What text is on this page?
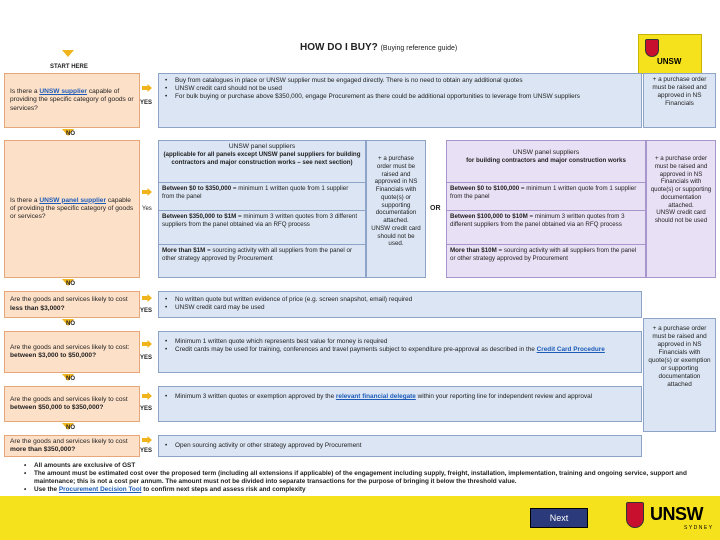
HOW DO I BUY? (Buying reference guide)
UNSW
START HERE
Is there a UNSW supplier capable of providing the specific category of goods or services?
YES
• Buy from catalogues in place or UNSW supplier must be engaged directly. There is no need to obtain any additional quotes
• UNSW credit card should not be used
• For bulk buying or purchase above $350,000, engage Procurement as there could be additional opportunities to leverage from UNSW suppliers
+ a purchase order must be raised and approved in NS Financials
NO
Is there a UNSW panel supplier capable of providing the specific category of goods or services?
Yes
UNSW panel suppliers
(applicable for all panels except UNSW panel suppliers for building contractors and major construction works – see next section)
Between $0 to $350,000 = minimum 1 written quote from 1 supplier from the panel
Between $350,000 to $1M = minimum 3 written quotes from 3 different suppliers from the panel obtained via an RFQ process
More than $1M = sourcing activity with all suppliers from the panel or other strategy approved by Procurement
+ a purchase order must be raised and approved in NS Financials with quote(s) or supporting documentation attached.
UNSW credit card should not be used.
OR
UNSW panel suppliers
for building contractors and major construction works
Between $0 to $100,000 = minimum 1 written quote from 1 supplier from the panel
Between $100,000 to $10M = minimum 3 written quotes from 3 different suppliers from the panel obtained via an RFQ process
More than $10M = sourcing activity with all suppliers from the panel or other strategy approved by Procurement
+ a purchase order must be raised and approved in NS Financials with quote(s) or supporting documentation attached.
UNSW credit card should not be used
NO
Are the goods and services likely to cost less than $3,000?	YES
• No written quote but written evidence of price (e.g. screen snapshot, email) required
• UNSW credit card may be used
NO
Are the goods and services likely to cost: between $3,000 to $50,000?	YES
• Minimum 1 written quote which represents best value for money is required
• Credit cards may be used for training, conferences and travel payments subject to expenditure pre-approval as described in the Credit Card Procedure
NO
Are the goods and services likely to cost between $50,000 to $350,000?	YES
• Minimum 3 written quotes or exemption approved by the relevant financial delegate within your reporting line for independent review and approval
NO
Are the goods and services likely to cost more than $350,000?	YES
• Open sourcing activity or other strategy approved by Procurement
+ a purchase order must be raised and approved in NS Financials with quote(s) or exemption or supporting documentation attached
• All amounts are exclusive of GST
• The amount must be estimated cost over the proposed term (including all extensions if applicable) of the engagement including supply, freight, installation, implementation, training and ongoing service, support and maintenance; this is not a cost per annum. The amount must not be divided into separate transactions for the purpose of bringing it below the threshold value.
• Use the Procurement Decision Tool to confirm next steps and assess risk and complexity
Next	UNSW
SYDNEY
